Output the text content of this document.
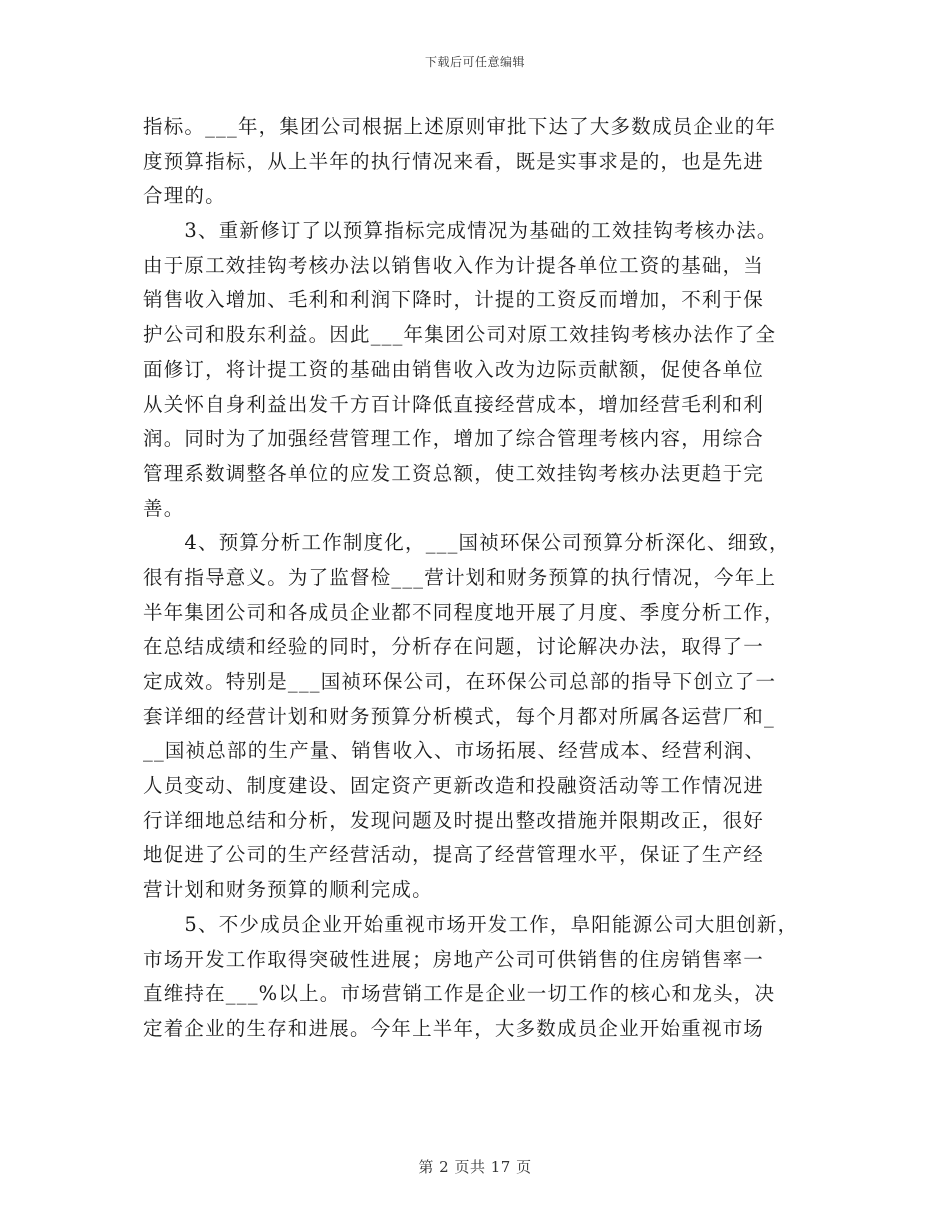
下载后可任意编辑
指标。___年，集团公司根据上述原则审批下达了大多数成员企业的年
度预算指标，从上半年的执行情况来看，既是实事求是的，也是先进
合理的。
　　3、重新修订了以预算指标完成情况为基础的工效挂钩考核办法。
由于原工效挂钩考核办法以销售收入作为计提各单位工资的基础，当
销售收入增加、毛利和利润下降时，计提的工资反而增加，不利于保
护公司和股东利益。因此___年集团公司对原工效挂钩考核办法作了全
面修订，将计提工资的基础由销售收入改为边际贡献额，促使各单位
从关怀自身利益出发千方百计降低直接经营成本，增加经营毛利和利
润。同时为了加强经营管理工作，增加了综合管理考核内容，用综合
管理系数调整各单位的应发工资总额，使工效挂钩考核办法更趋于完
善。
　　4、预算分析工作制度化，___国祯环保公司预算分析深化、细致，
很有指导意义。为了监督检___营计划和财务预算的执行情况，今年上
半年集团公司和各成员企业都不同程度地开展了月度、季度分析工作，
在总结成绩和经验的同时，分析存在问题，讨论解决办法，取得了一
定成效。特别是___国祯环保公司，在环保公司总部的指导下创立了一
套详细的经营计划和财务预算分析模式，每个月都对所属各运营厂和_
__国祯总部的生产量、销售收入、市场拓展、经营成本、经营利润、
人员变动、制度建设、固定资产更新改造和投融资活动等工作情况进
行详细地总结和分析，发现问题及时提出整改措施并限期改正，很好
地促进了公司的生产经营活动，提高了经营管理水平，保证了生产经
营计划和财务预算的顺利完成。
　　5、不少成员企业开始重视市场开发工作，阜阳能源公司大胆创新，
市场开发工作取得突破性进展；房地产公司可供销售的住房销售率一
直维持在___%以上。市场营销工作是企业一切工作的核心和龙头，决
定着企业的生存和进展。今年上半年，大多数成员企业开始重视市场
第 2 页共 17 页
